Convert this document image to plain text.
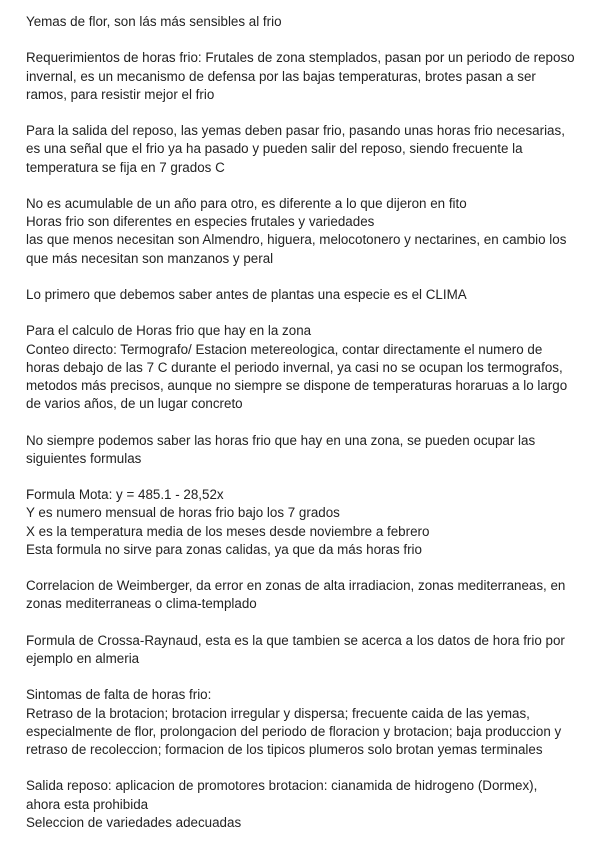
Yemas de flor, son lás más sensibles al frio
Requerimientos de horas frio: Frutales de zona stemplados, pasan por un periodo de reposo
invernal, es un mecanismo de defensa por las bajas temperaturas, brotes pasan a ser
ramos, para resistir mejor el frio
Para la salida del reposo, las yemas deben pasar frio, pasando unas horas frio necesarias,
es una señal que el frio ya ha pasado y pueden salir del reposo, siendo frecuente la
temperatura se fija en 7 grados C
No es acumulable de un año para otro, es diferente a lo que dijeron en fito
Horas frio son diferentes en especies frutales y variedades
las que menos necesitan son Almendro, higuera, melocotonero y nectarines, en cambio los
que más necesitan son manzanos y peral
Lo primero que debemos saber antes de plantas una especie es el CLIMA
Para el calculo de Horas frio que hay en la zona
Conteo directo: Termografo/ Estacion metereologica, contar directamente el numero de
horas debajo de las 7 C durante el periodo invernal, ya casi no se ocupan los termografos,
metodos más precisos, aunque no siempre se dispone de temperaturas horaruas a lo largo
de varios años, de un lugar concreto
No siempre podemos saber las horas frio que hay en una zona, se pueden ocupar las
siguientes formulas
Formula Mota: y = 485.1 - 28,52x
Y es numero mensual de horas frio bajo los 7 grados
X es la temperatura media de los meses desde noviembre a febrero
Esta formula no sirve para zonas calidas, ya que da más horas frio
Correlacion de Weimberger, da error en zonas de alta irradiacion, zonas mediterraneas, en
zonas mediterraneas o clima-templado
Formula de Crossa-Raynaud, esta es la que tambien se acerca a los datos de hora frio por
ejemplo en almeria
Sintomas de falta de horas frio:
Retraso de la brotacion; brotacion irregular y dispersa; frecuente caida de las yemas,
especialmente de flor, prolongacion del periodo de floracion y brotacion; baja produccion y
retraso de recoleccion; formacion de los tipicos plumeros solo brotan yemas terminales
Salida reposo: aplicacion de promotores brotacion: cianamida de hidrogeno (Dormex),
ahora esta prohibida
Seleccion de variedades adecuadas
